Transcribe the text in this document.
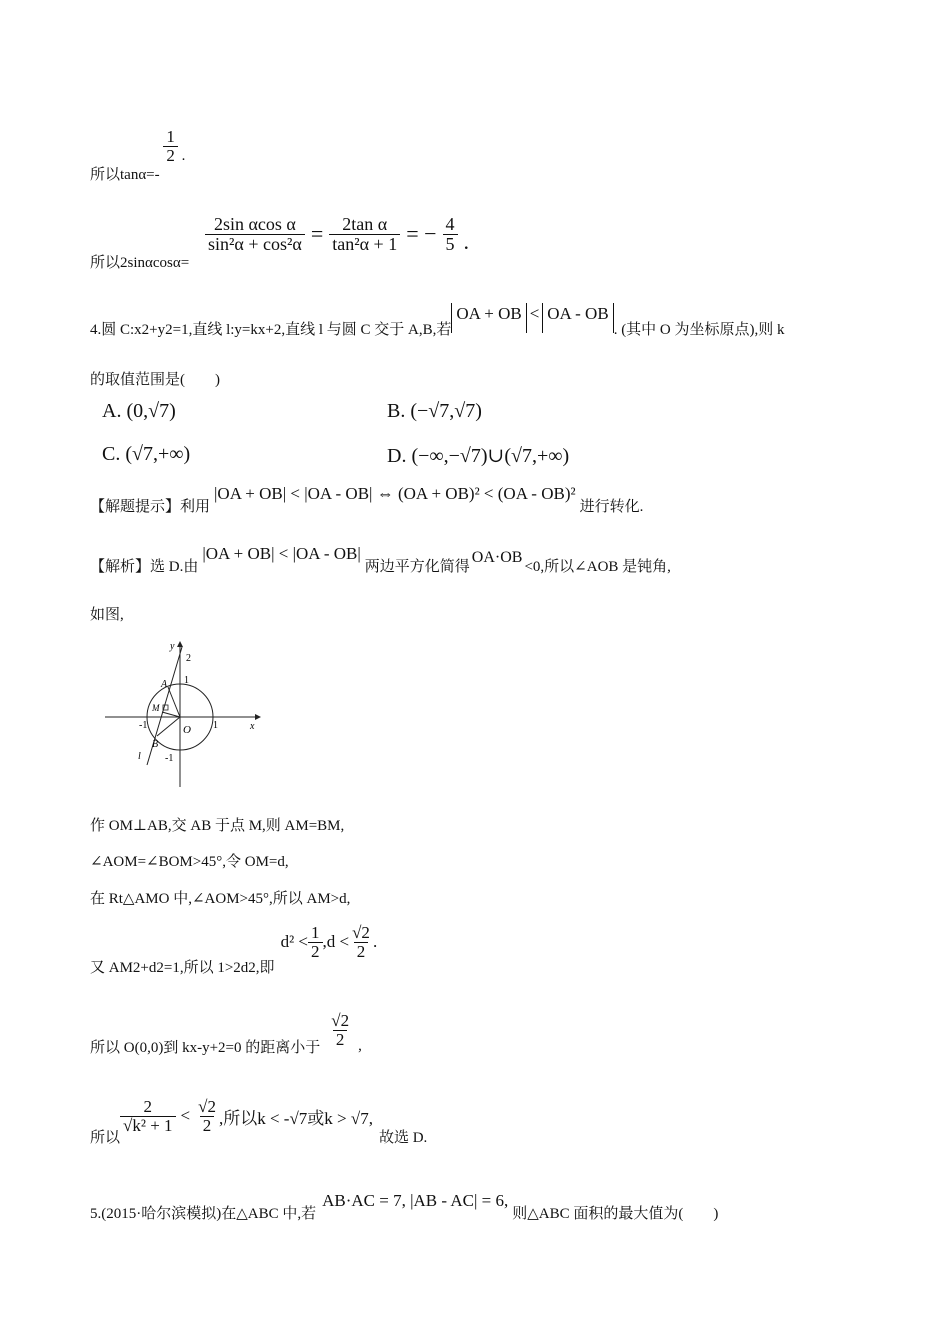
所以tanα=-
$\frac{1}{2}$ .
所以2sinαcosα=
$\frac{\text{2sin αcos α}}{\text{sin²α + cos²α}} = \frac{\text{2tan α}}{\text{tan²α + 1}}$ = − $\frac{4}{5}$ .
4.圆 C:x2+y2=1,直线 l:y=kx+2,直线 l 与圆 C 交于 A,B,若
OA + OB < OA - OB
. (其中 O 为坐标原点),则 k
的取值范围是(　　)
A. (0,√7)	B. (−√7,√7)
C. (√7,+∞)	D. (−∞,−√7)∪(√7,+∞)
【解题提示】 利用
|OA + OB| < |OA - OB| ⇔ (OA + OB)² < (OA - OB)²
进行转化.
【解析】 选 D.由
|OA + OB| < |OA - OB|
两边平方化简得
OA·OB
<0,所以∠AOB 是钝角,
如图,
y
x
O
A
B
M
l
2
1
1
-1
-1
作 OM⊥AB,交 AB 于点 M,则 AM=BM,
∠AOM=∠BOM>45°,令 OM=d,
在 Rt△AMO 中,∠AOM>45°,所以 AM>d,
又 AM2+d2=1,所以 1>2d2,即
$d^2 < \frac{1}{2} ,d < \frac{√2}{2}$ .
所以 O(0,0)到 kx-y+2=0 的距离小于 $\frac{√2}{2}$ ,
所以
$\frac{2}{\text{√k² + 1}} < \frac{√2}{2}$ ,所以k < -√7或k > √7,
故选 D.
5.(2015·哈尔滨模拟)在△ABC 中,若
AB·AC = 7, |AB - AC| = 6,
则△ABC 面积的最大值为(　　)
